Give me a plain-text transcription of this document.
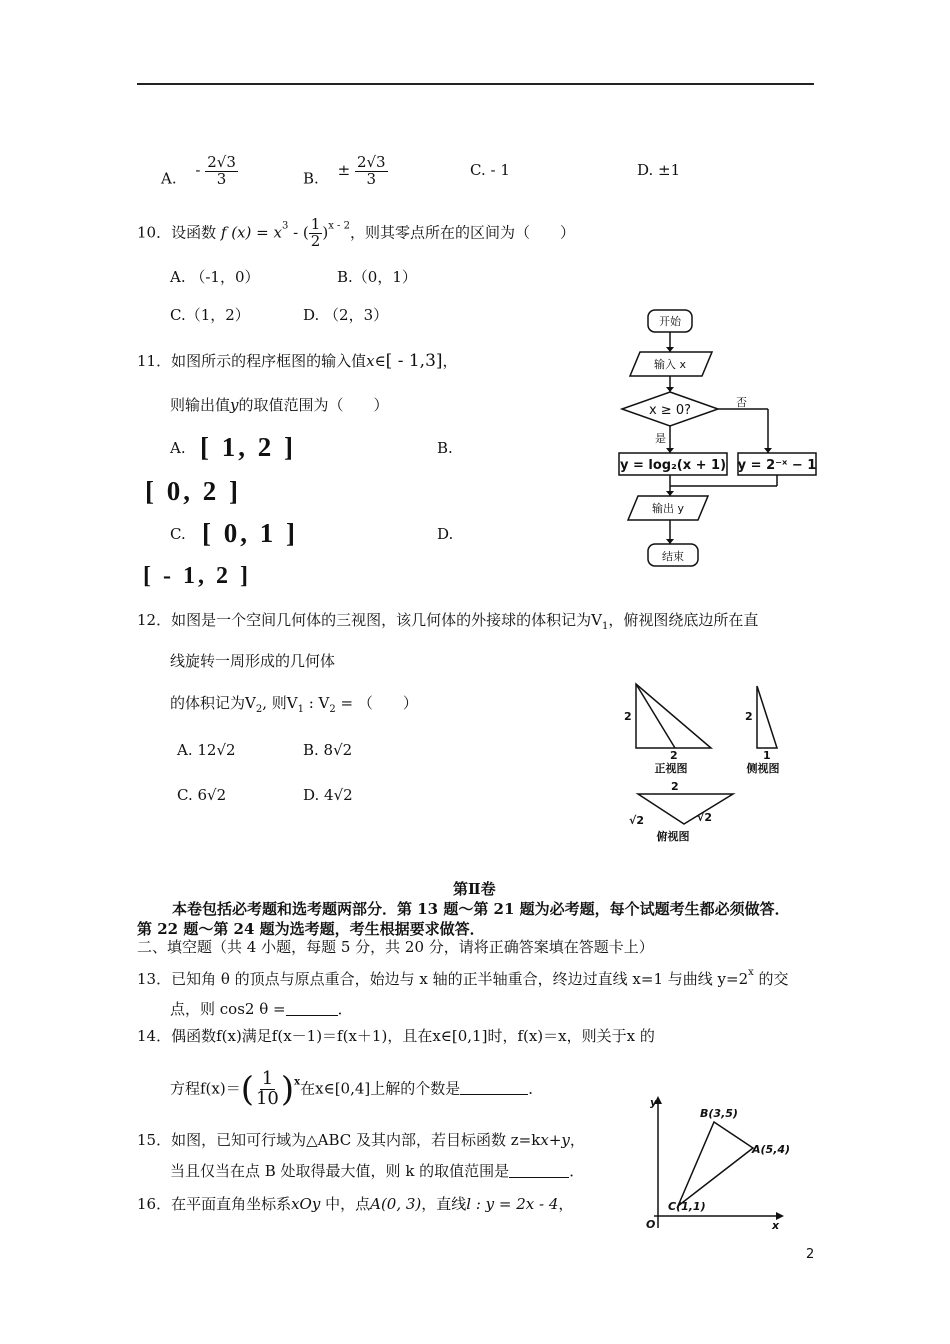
A. - $\frac{2√3}{3}$	B. ± $\frac{2√3}{3}$	C. - 1	D. ±1
10．设函数 f $(x) = x^3$ - ( $\frac{1}{2} )^{x - 2}$，则其零点所在的区间为（　　）
A. （-1，0）	B.（0，1）
C.（1，2）	D. （2，3）
11．如图所示的程序框图的输入值x∈[ - 1,3]，
则输出值y的取值范围为（　　）
A. [ 1, 2 ]	B.
[ 0, 2 ]
C. [ 0, 1 ]	D.
[ - 1, 2 ]
开始
输入 x
x ≥ 0?
否
是
y = log₂(x + 1) y = 2⁻ˣ − 1
输出 y
结束
12．如图是一个空间几何体的三视图，该几何体的外接球的体积记为$V_1$，俯视图绕底边所在直
线旋转一周形成的几何体
的体积记为$V_2$, 则$V_1$ : $V_2$ = （　　）
A. 12√2	B. 8√2
C. 6√2	D. 4√2
2
2
正视图
2
1
侧视图
2
√2	√2
俯视图
第Ⅱ卷
本卷包括必考题和选考题两部分．第 13 题～第 21 题为必考题，每个试题考生都必须做答．
第 22 题～第 24 题为选考题，考生根据要求做答．
二、填空题（共 4 小题，每题 5 分，共 20 分，请将正确答案填在答题卡上）
13．已知角 θ 的顶点与原点重合，始边与 x 轴的正半轴重合，终边过直线 x=1 与曲线 $y=2^x$ 的交
点，则 cos2 θ =	．
14．偶函数f(x)满足f(x－1)＝f(x＋1)，且在x∈[0,1]时，f(x)＝x，则关于x 的
方程$f(x)=( \frac{1}{10} )^x$在x∈[0,4]上解的个数是	．
15．如图，已知可行域为△ABC 及其内部，若目标函数 z=kx+y，
当且仅当在点 B 处取得最大值，则 k 的取值范围是	．
16．在平面直角坐标系xOy 中，点A(0, 3)，直线l : y = 2x - 4，
y
x
O
B(3,5)
A(5,4)
C(1,1)
2
